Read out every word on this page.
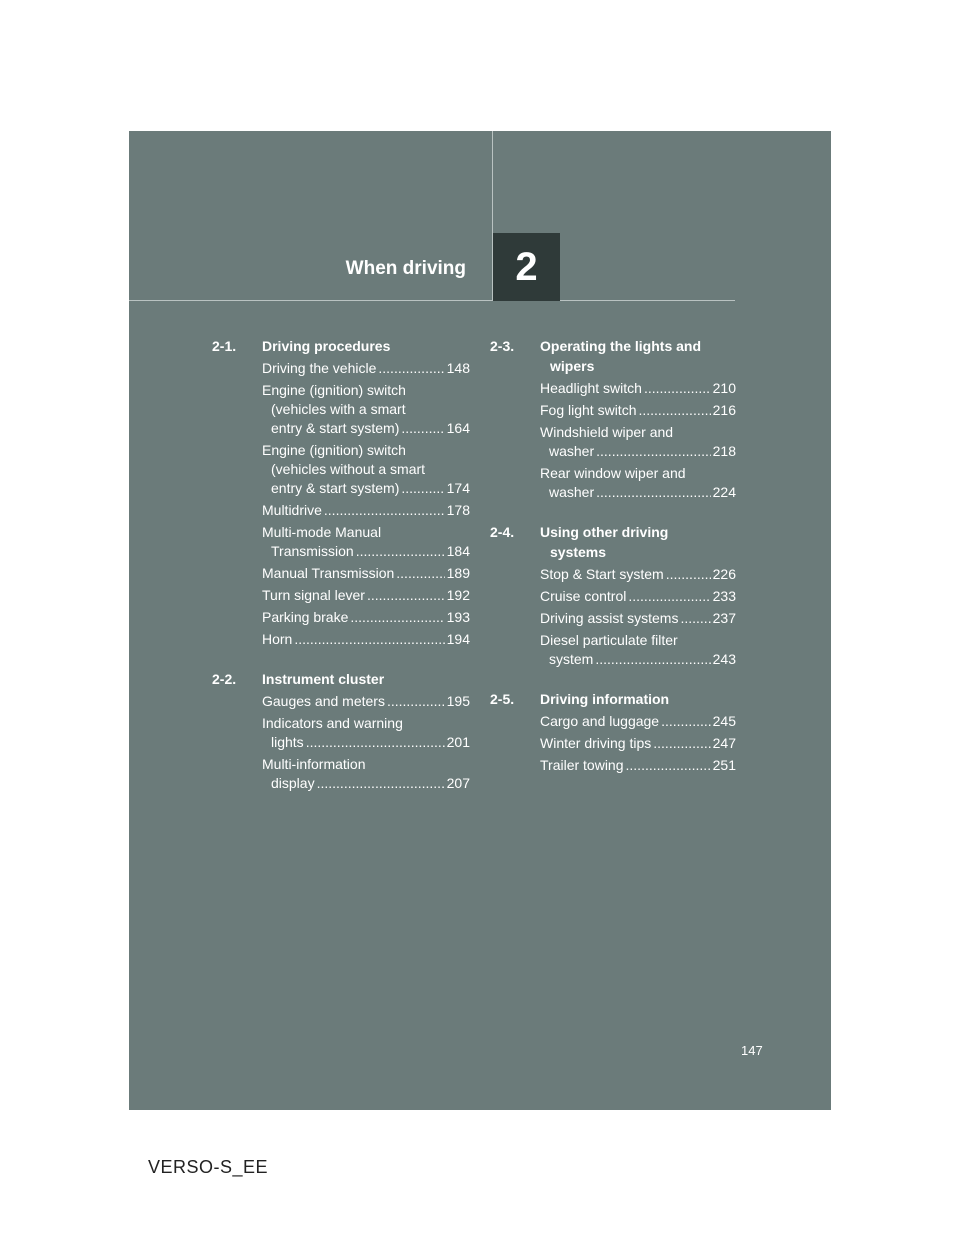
When driving 2
2-1.	Driving procedures
Driving the vehicle .....	148
Engine (ignition) switch
(vehicles with a smart
entry & start system) .....	164
Engine (ignition) switch
(vehicles without a smart
entry & start system) .....	174
Multidrive .....	178
Multi-mode Manual
Transmission .....	184
Manual Transmission .....	189
Turn signal lever .....	192
Parking brake .....	193
Horn .....	194
2-2.	Instrument cluster
Gauges and meters .....	195
Indicators and warning
lights .....	201
Multi-information
display .....	207
2-3.	Operating the lights and
wipers
Headlight switch .....	210
Fog light switch .....	216
Windshield wiper and
washer .....	218
Rear window wiper and
washer .....	224
2-4.	Using other driving
systems
Stop & Start system .....	226
Cruise control .....	233
Driving assist systems ..... 237
Diesel particulate filter
system .....	243
2-5.	Driving information
Cargo and luggage .....	245
Winter driving tips .....	247
Trailer towing .....	251
147
VERSO-S_EE
